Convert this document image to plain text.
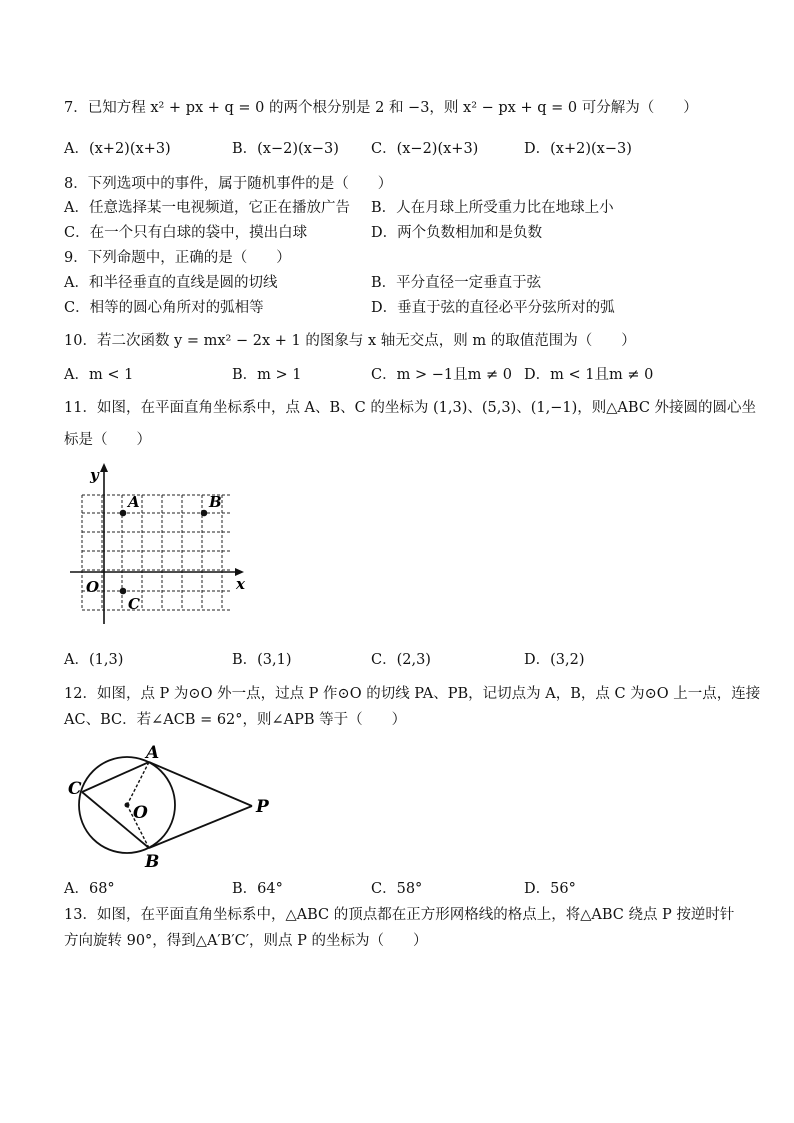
7．已知方程 x² + px + q = 0 的两个根分别是 2 和 −3，则 x² − px + q = 0 可分解为（　　）
A．(x+2)(x+3)	B．(x−2)(x−3) C．(x−2)(x+3)	D．(x+2)(x−3)
8．下列选项中的事件，属于随机事件的是（　　）
A．任意选择某一电视频道，它正在播放广告 B．人在月球上所受重力比在地球上小
C．在一个只有白球的袋中，摸出白球	D．两个负数相加和是负数
9．下列命题中，正确的是（　　）
A．和半径垂直的直线是圆的切线	B．平分直径一定垂直于弦
C．相等的圆心角所对的弧相等	D．垂直于弦的直径必平分弦所对的弧
10．若二次函数 y = mx² − 2x + 1 的图象与 x 轴无交点，则 m 的取值范围为（　　）
A．m < 1	B．m > 1	C．m > −1且m ≠ 0 D．m < 1且m ≠ 0
11．如图，在平面直角坐标系中，点 A、B、C 的坐标为 (1,3)、(5,3)、(1,−1)，则△ABC 外接圆的圆心坐
标是（　　）
y
x
O
A	B
C
A．(1,3)	B．(3,1)	C．(2,3)	D．(3,2)
12．如图，点 P 为⊙O 外一点，过点 P 作⊙O 的切线 PA、PB，记切点为 A，B，点 C 为⊙O 上一点，连接
AC、BC．若∠ACB = 62°，则∠APB 等于（　　）
A
B
C
O	P
A．68°	B．64°	C．58°	D．56°
13．如图，在平面直角坐标系中，△ABC 的顶点都在正方形网格线的格点上，将△ABC 绕点 P 按逆时针
方向旋转 90°，得到△A′B′C′，则点 P 的坐标为（　　）
